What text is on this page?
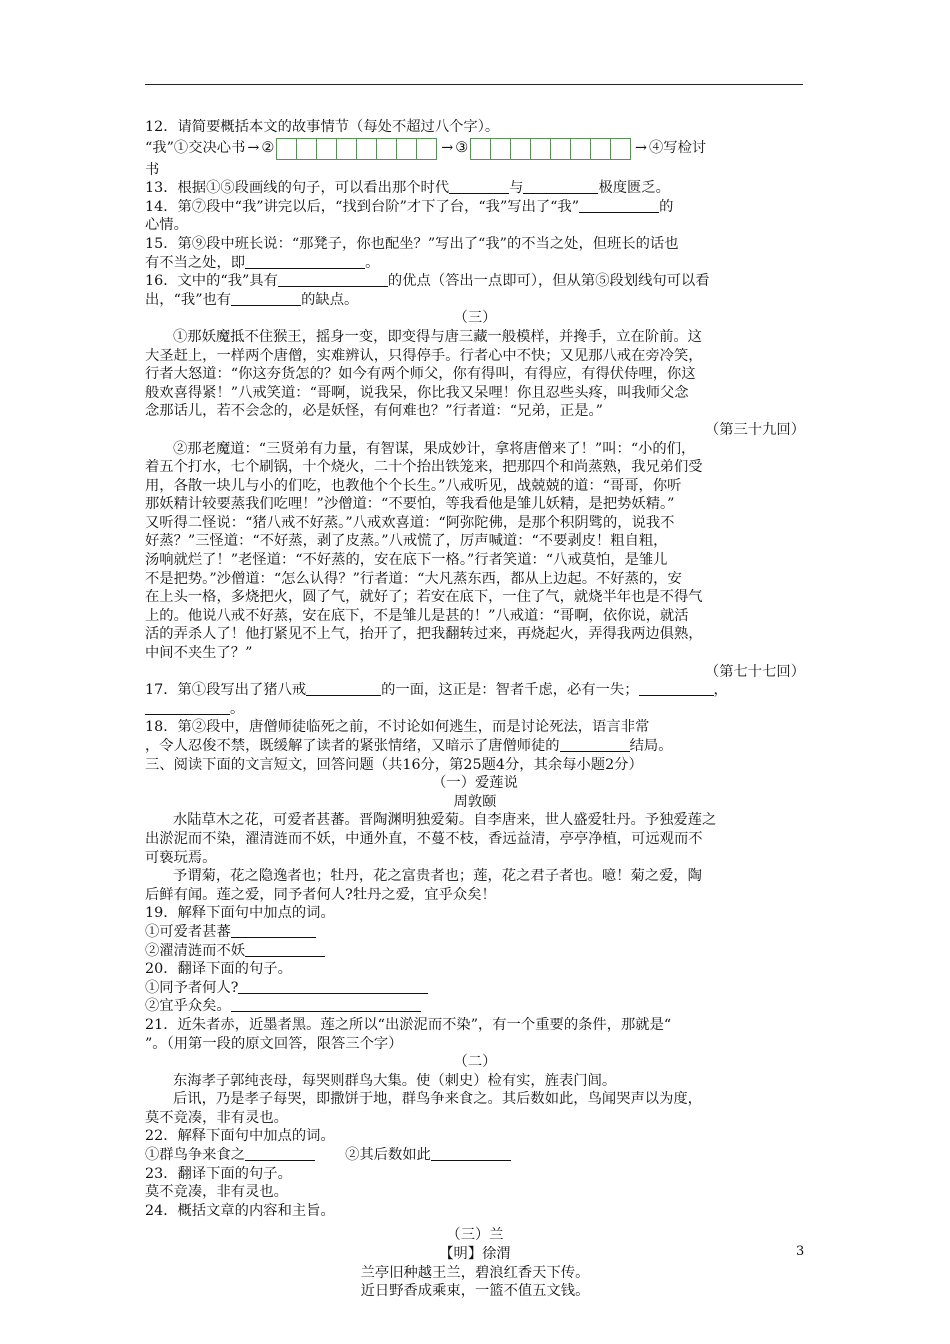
12．请简要概括本文的故事情节（每处不超过八个字）。
“我”①交决心书 → ②	→ ③	→ ④写检讨
书
13．根据①⑤段画线的句子，可以看出那个时代	与	极度匮乏。
14．第⑦段中“我”讲完以后，“找到台阶”才下了台，“我”写出了“我”	的
心情。
15．第⑨段中班长说：“那凳子，你也配坐？”写出了“我”的不当之处，但班长的话也
有不当之处，即	。
16．文中的“我”具有	的优点（答出一点即可），但从第⑤段划线句可以看
出，“我”也有	的缺点。
（三）
①那妖魔抵不住猴王，摇身一变，即变得与唐三藏一般模样，并搀手，立在阶前。这
大圣赶上，一样两个唐僧，实难辨认，只得停手。行者心中不快；又见那八戒在旁冷笑，
行者大怒道：“你这夯货怎的？如今有两个师父，你有得叫，有得应，有得伏侍哩，你这
般欢喜得紧！”八戒笑道：“哥啊，说我呆，你比我又呆哩！你且忍些头疼，叫我师父念
念那话儿，若不会念的，必是妖怪，有何难也？”行者道：“兄弟，正是。”
（第三十九回）
②那老魔道：“三贤弟有力量，有智谋，果成妙计，拿将唐僧来了！”叫：“小的们，
着五个打水，七个刷锅，十个烧火，二十个抬出铁笼来，把那四个和尚蒸熟，我兄弟们受
用，各散一块儿与小的们吃，也教他个个长生。”八戒听见，战兢兢的道：“哥哥，你听
那妖精计较要蒸我们吃哩！”沙僧道：“不要怕，等我看他是雏儿妖精，是把势妖精。”
又听得二怪说：“猪八戒不好蒸。”八戒欢喜道：“阿弥陀佛，是那个积阴骘的，说我不
好蒸？”三怪道：“不好蒸，剥了皮蒸。”八戒慌了，厉声喊道：“不要剥皮！粗自粗，
汤响就烂了！”老怪道：“不好蒸的，安在底下一格。”行者笑道：“八戒莫怕，是雏儿
不是把势。”沙僧道：“怎么认得？”行者道：“大凡蒸东西，都从上边起。不好蒸的，安
在上头一格，多烧把火，圆了气，就好了；若安在底下，一住了气，就烧半年也是不得气
上的。他说八戒不好蒸，安在底下，不是雏儿是甚的！”八戒道：“哥啊，依你说，就活
活的弄杀人了！他打紧见不上气，抬开了，把我翻转过来，再烧起火，弄得我两边俱熟，
中间不夹生了？”
（第七十七回）
17．第①段写出了猪八戒	的一面，这正是：智者千虑，必有一失；	，
。
18．第②段中，唐僧师徒临死之前，不讨论如何逃生，而是讨论死法，语言非常
，令人忍俊不禁，既缓解了读者的紧张情绪，又暗示了唐僧师徒的	结局。
三、阅读下面的文言短文，回答问题（共16分，第25题4分，其余每小题2分）
（一）爱莲说
周敦颐
水陆草木之花，可爱者甚蕃。晋陶渊明独爱菊。自李唐来，世人盛爱牡丹。予独爱莲之
出淤泥而不染，濯清涟而不妖，中通外直，不蔓不枝，香远益清，亭亭净植，可远观而不
可亵玩焉。
予谓菊，花之隐逸者也；牡丹，花之富贵者也；莲，花之君子者也。噫！菊之爱，陶
后鲜有闻。莲之爱，同予者何人?牡丹之爱，宜乎众矣！
19．解释下面句中加点的词。
①可爱者甚蕃
②濯清涟而不妖
20．翻译下面的句子。
①同予者何人?
②宜乎众矣。
21．近朱者赤，近墨者黑。莲之所以“出淤泥而不染”，有一个重要的条件，那就是“
”。（用第一段的原文回答，限答三个字）
（二）
东海孝子郭纯丧母，每哭则群鸟大集。使（刺史）检有实，旌表门闾。
后讯，乃是孝子每哭，即撒饼于地，群鸟争来食之。其后数如此，鸟闻哭声以为度，
莫不竞凑，非有灵也。
22．解释下面句中加点的词。
①群鸟争来食之	②其后数如此
23．翻译下面的句子。
莫不竞凑，非有灵也。
24．概括文章的内容和主旨。
（三）兰
【明】徐渭
兰亭旧种越王兰，碧浪红香天下传。
近日野香成乘束，一篮不值五文钱。
3
